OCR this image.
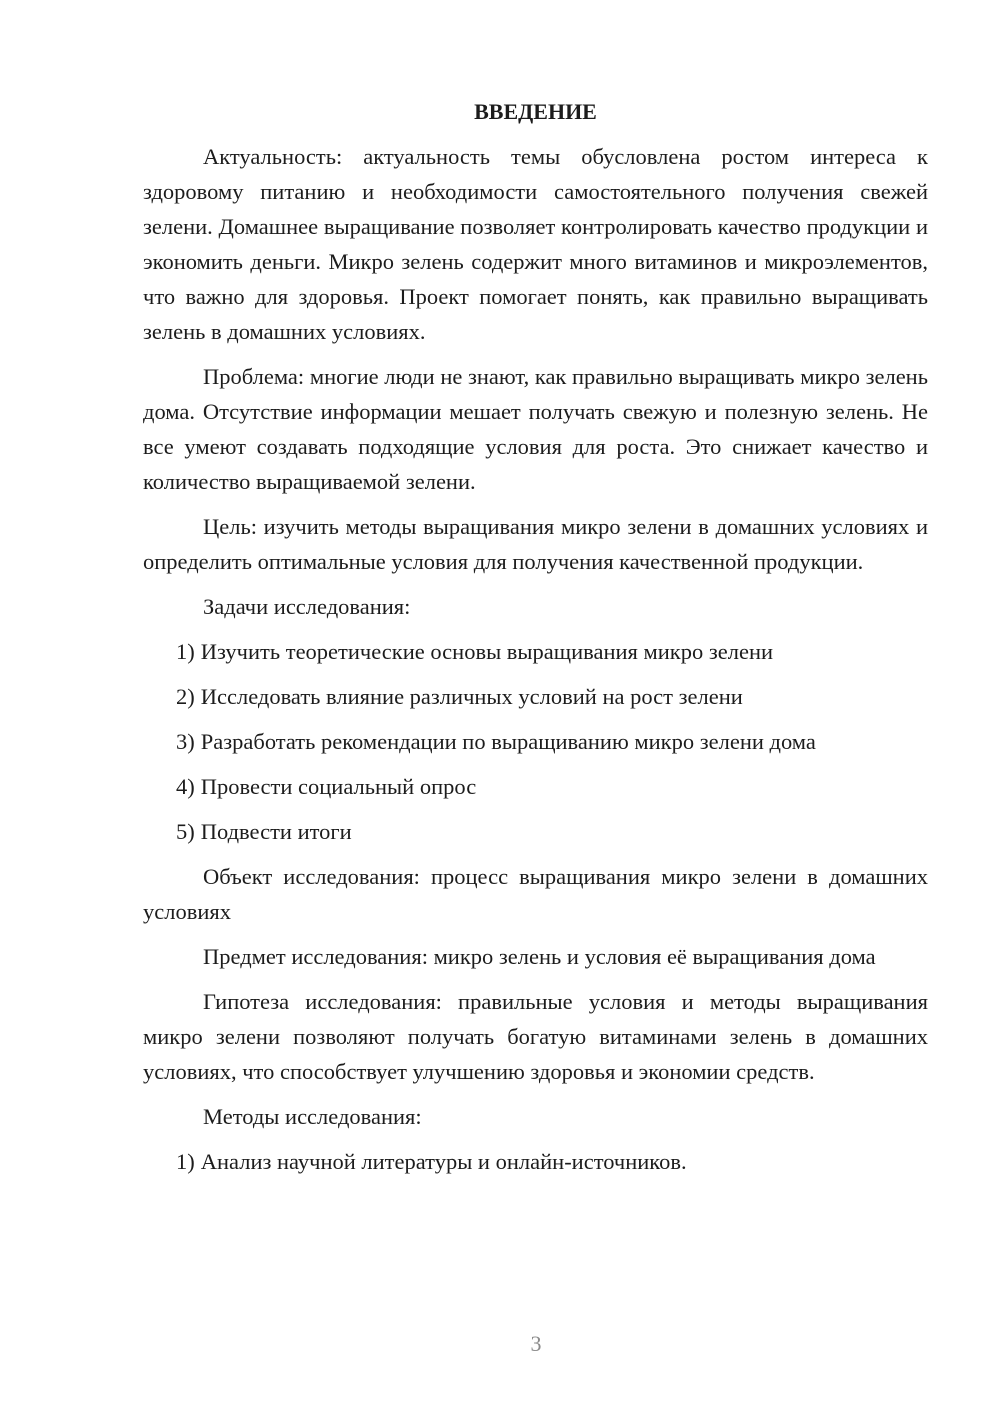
ВВЕДЕНИЕ

Актуальность: актуальность темы обусловлена ростом интереса к здоровому питанию и необходимости самостоятельного получения свежей зелени. Домашнее выращивание позволяет контролировать качество продукции и экономить деньги. Микро зелень содержит много витаминов и микроэлементов, что важно для здоровья. Проект помогает понять, как правильно выращивать зелень в домашних условиях.

Проблема: многие люди не знают, как правильно выращивать микро зелень дома. Отсутствие информации мешает получать свежую и полезную зелень. Не все умеют создавать подходящие условия для роста. Это снижает качество и количество выращиваемой зелени.

Цель: изучить методы выращивания микро зелени в домашних условиях и определить оптимальные условия для получения качественной продукции.

Задачи исследования:

1) Изучить теоретические основы выращивания микро зелени
2) Исследовать влияние различных условий на рост зелени
3) Разработать рекомендации по выращиванию микро зелени дома
4) Провести социальный опрос
5) Подвести итоги

Объект исследования: процесс выращивания микро зелени в домашних условиях

Предмет исследования: микро зелень и условия её выращивания дома

Гипотеза исследования: правильные условия и методы выращивания микро зелени позволяют получать богатую витаминами зелень в домашних условиях, что способствует улучшению здоровья и экономии средств.

Методы исследования:

1) Анализ научной литературы и онлайн-источников.
3
